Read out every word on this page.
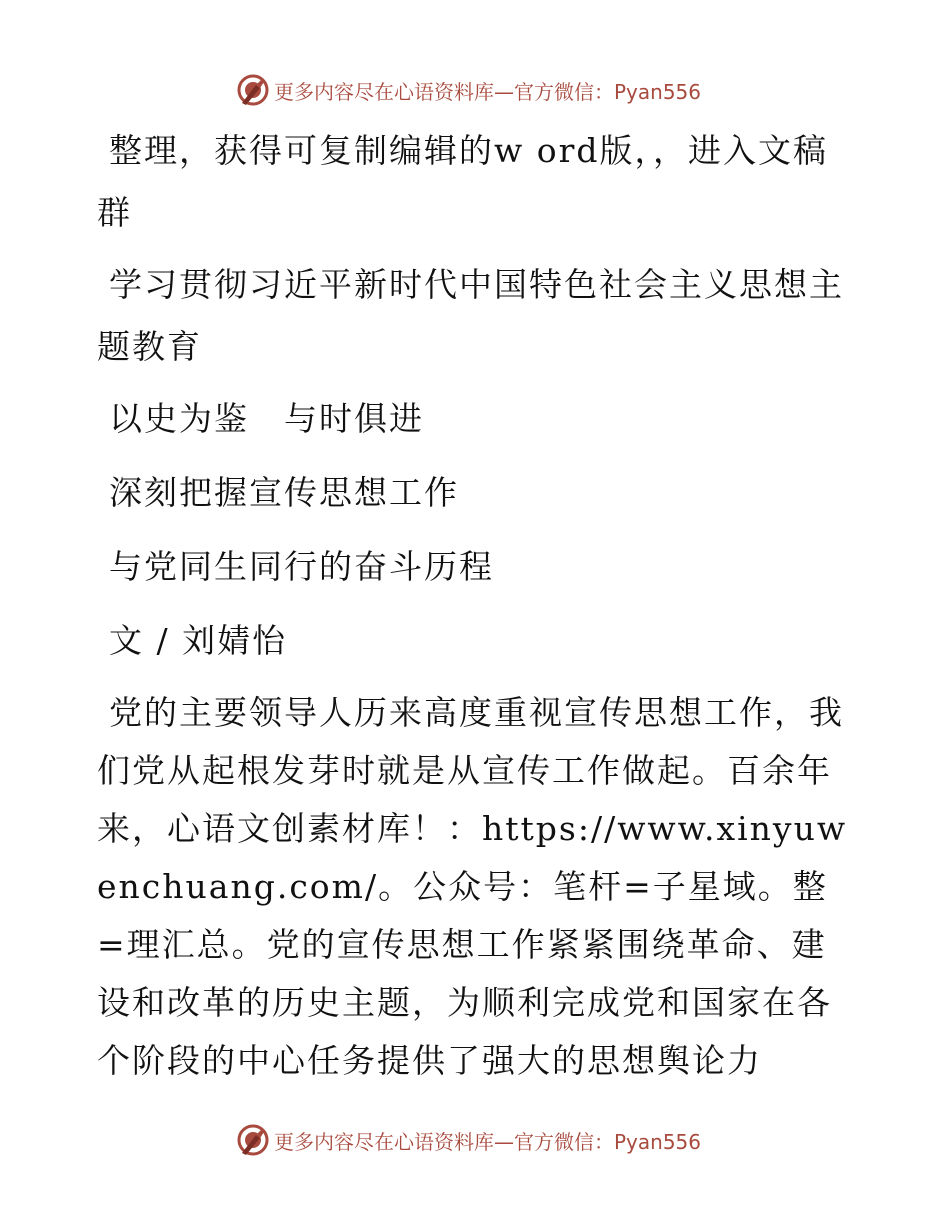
更多内容尽在心语资料库—官方微信：Pyan556

整理，获得可复制编辑的w ord版，，进入文稿群

学习贯彻习近平新时代中国特色社会主义思想主题教育

以史为鉴　与时俱进

深刻把握宣传思想工作

与党同生同行的奋斗历程

文 / 刘婧怡

党的主要领导人历来高度重视宣传思想工作，我们党从起根发芽时就是从宣传工作做起。百余年来，心语文创素材库！：https://www.xinyuwenchuang.com/。公众号：笔杆=子星域。整=理汇总。党的宣传思想工作紧紧围绕革命、建设和改革的历史主题，为顺利完成党和国家在各个阶段的中心任务提供了强大的思想舆论力

更多内容尽在心语资料库—官方微信：Pyan556
